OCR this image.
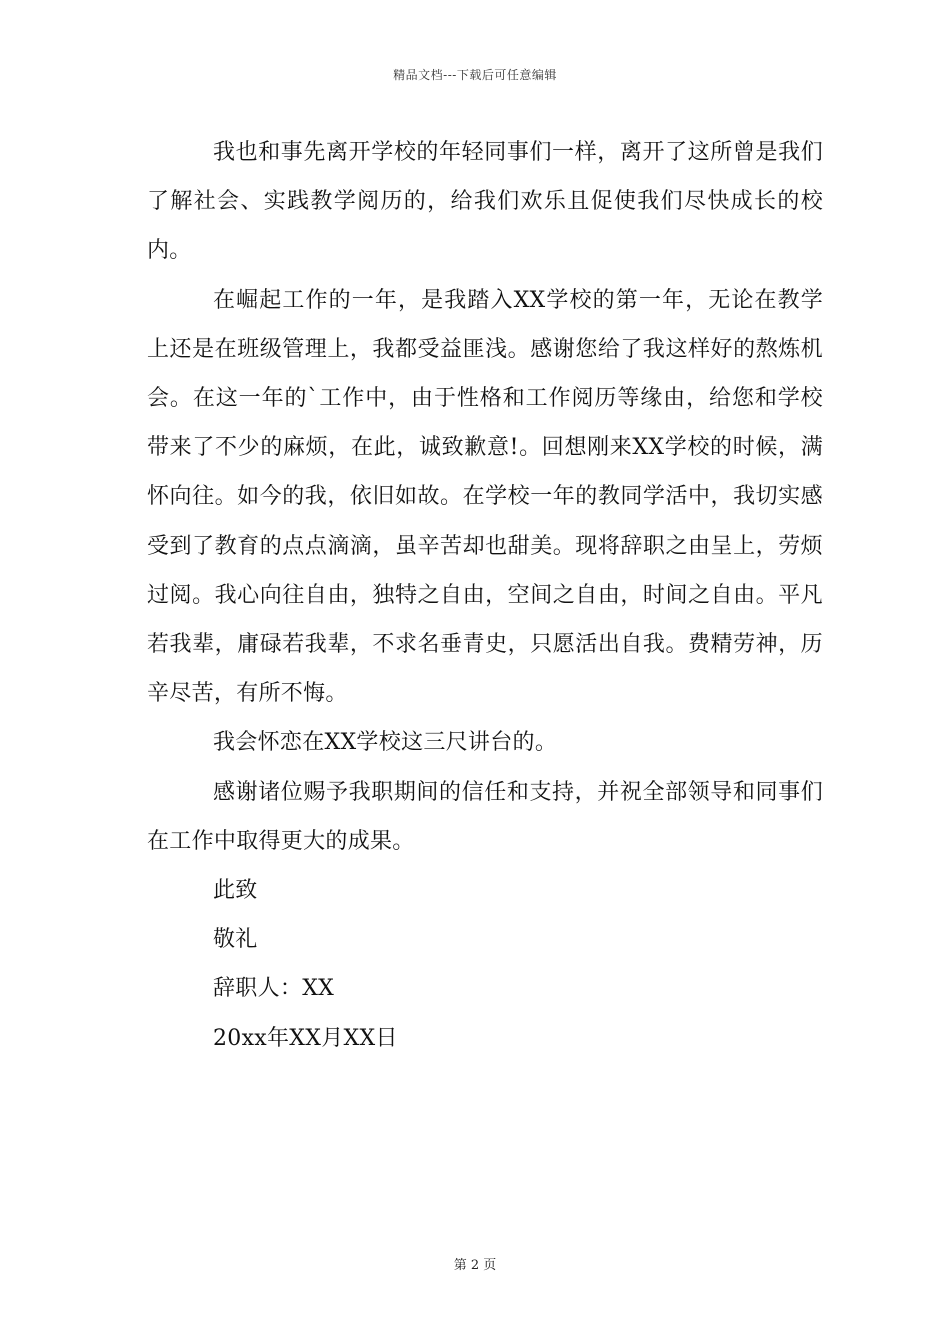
精品文档---下载后可任意编辑

我也和事先离开学校的年轻同事们一样，离开了这所曾是我们了解社会、实践教学阅历的，给我们欢乐且促使我们尽快成长的校内。

在崛起工作的一年，是我踏入XX学校的第一年，无论在教学上还是在班级管理上，我都受益匪浅。感谢您给了我这样好的熬炼机会。在这一年的`工作中，由于性格和工作阅历等缘由，给您和学校带来了不少的麻烦，在此，诚致歉意!。回想刚来XX学校的时候，满怀向往。如今的我，依旧如故。在学校一年的教同学活中，我切实感受到了教育的点点滴滴，虽辛苦却也甜美。现将辞职之由呈上，劳烦过阅。我心向往自由，独特之自由，空间之自由，时间之自由。平凡若我辈，庸碌若我辈，不求名垂青史，只愿活出自我。费精劳神，历辛尽苦，有所不悔。

我会怀恋在XX学校这三尺讲台的。

感谢诸位赐予我职期间的信任和支持，并祝全部领导和同事们在工作中取得更大的成果。

此致

敬礼

辞职人：XX

20xx年XX月XX日

第 2 页
